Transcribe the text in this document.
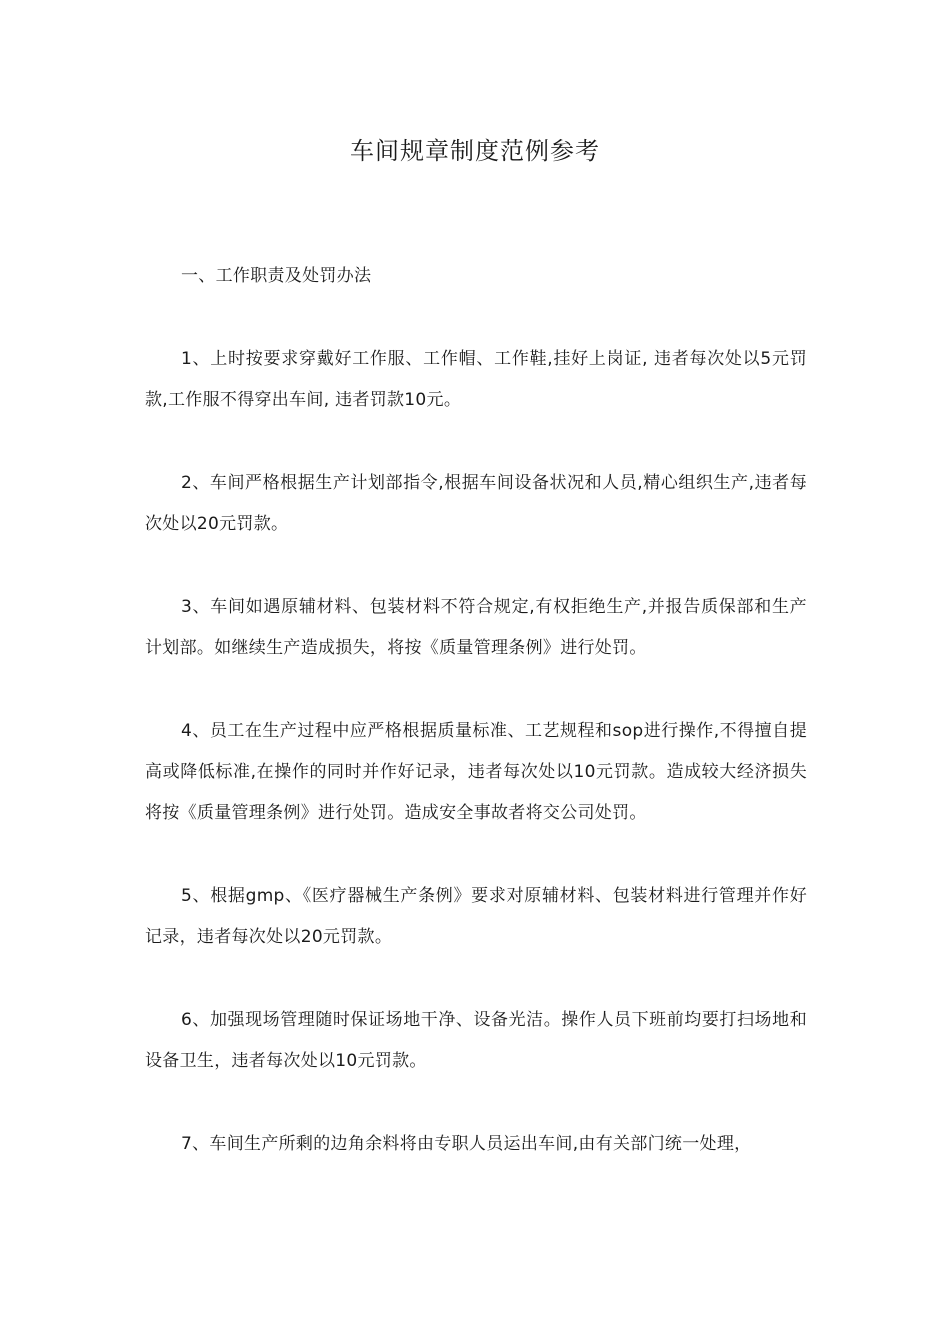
车间规章制度范例参考

一、工作职责及处罚办法

1、上时按要求穿戴好工作服、工作帽、工作鞋,挂好上岗证, 违者每次处以5元罚款,工作服不得穿出车间, 违者罚款10元。

2、车间严格根据生产计划部指令,根据车间设备状况和人员,精心组织生产,违者每次处以20元罚款。

3、车间如遇原辅材料、包装材料不符合规定,有权拒绝生产,并报告质保部和生产计划部。如继续生产造成损失，将按《质量管理条例》进行处罚。

4、员工在生产过程中应严格根据质量标准、工艺规程和sop进行操作,不得擅自提高或降低标准,在操作的同时并作好记录，违者每次处以10元罚款。造成较大经济损失将按《质量管理条例》进行处罚。造成安全事故者将交公司处罚。

5、根据gmp、《医疗器械生产条例》要求对原辅材料、包装材料进行管理并作好记录，违者每次处以20元罚款。

6、加强现场管理随时保证场地干净、设备光洁。操作人员下班前均要打扫场地和设备卫生，违者每次处以10元罚款。

7、车间生产所剩的边角余料将由专职人员运出车间,由有关部门统一处理，
